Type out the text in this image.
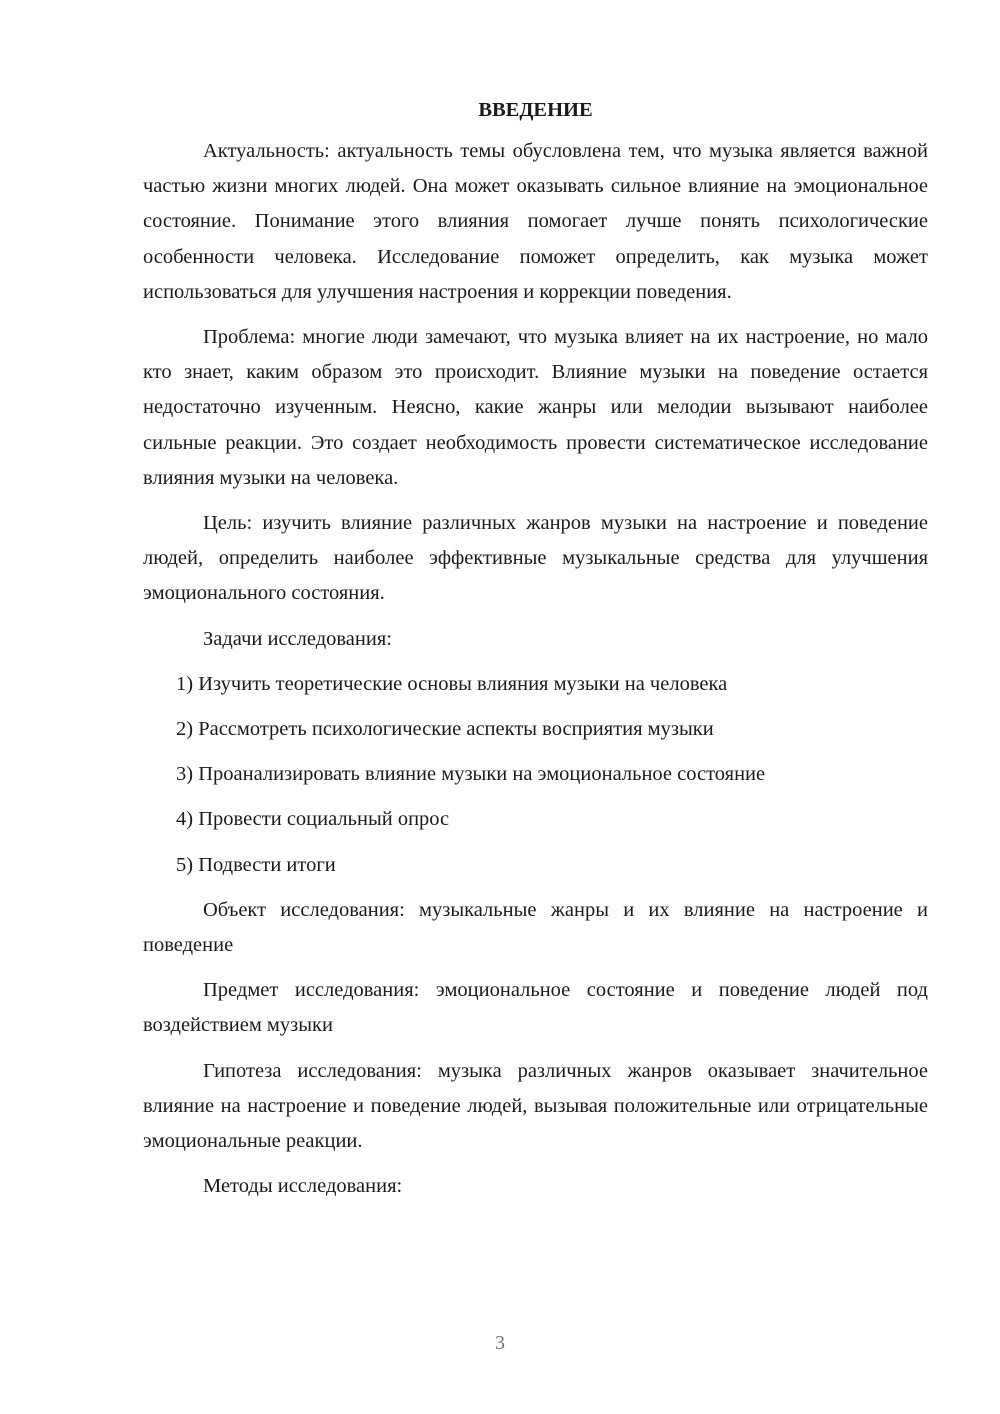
ВВЕДЕНИЕ

Актуальность: актуальность темы обусловлена тем, что музыка является важной частью жизни многих людей. Она может оказывать сильное влияние на эмоциональное состояние. Понимание этого влияния помогает лучше понять психологические особенности человека. Исследование поможет определить, как музыка может использоваться для улучшения настроения и коррекции поведения.

Проблема: многие люди замечают, что музыка влияет на их настроение, но мало кто знает, каким образом это происходит. Влияние музыки на поведение остается недостаточно изученным. Неясно, какие жанры или мелодии вызывают наиболее сильные реакции. Это создает необходимость провести систематическое исследование влияния музыки на человека.

Цель: изучить влияние различных жанров музыки на настроение и поведение людей, определить наиболее эффективные музыкальные средства для улучшения эмоционального состояния.

Задачи исследования:
1) Изучить теоретические основы влияния музыки на человека
2) Рассмотреть психологические аспекты восприятия музыки
3) Проанализировать влияние музыки на эмоциональное состояние
4) Провести социальный опрос
5) Подвести итоги

Объект исследования: музыкальные жанры и их влияние на настроение и поведение

Предмет исследования: эмоциональное состояние и поведение людей под воздействием музыки

Гипотеза исследования: музыка различных жанров оказывает значительное влияние на настроение и поведение людей, вызывая положительные или отрицательные эмоциональные реакции.

Методы исследования:
3
